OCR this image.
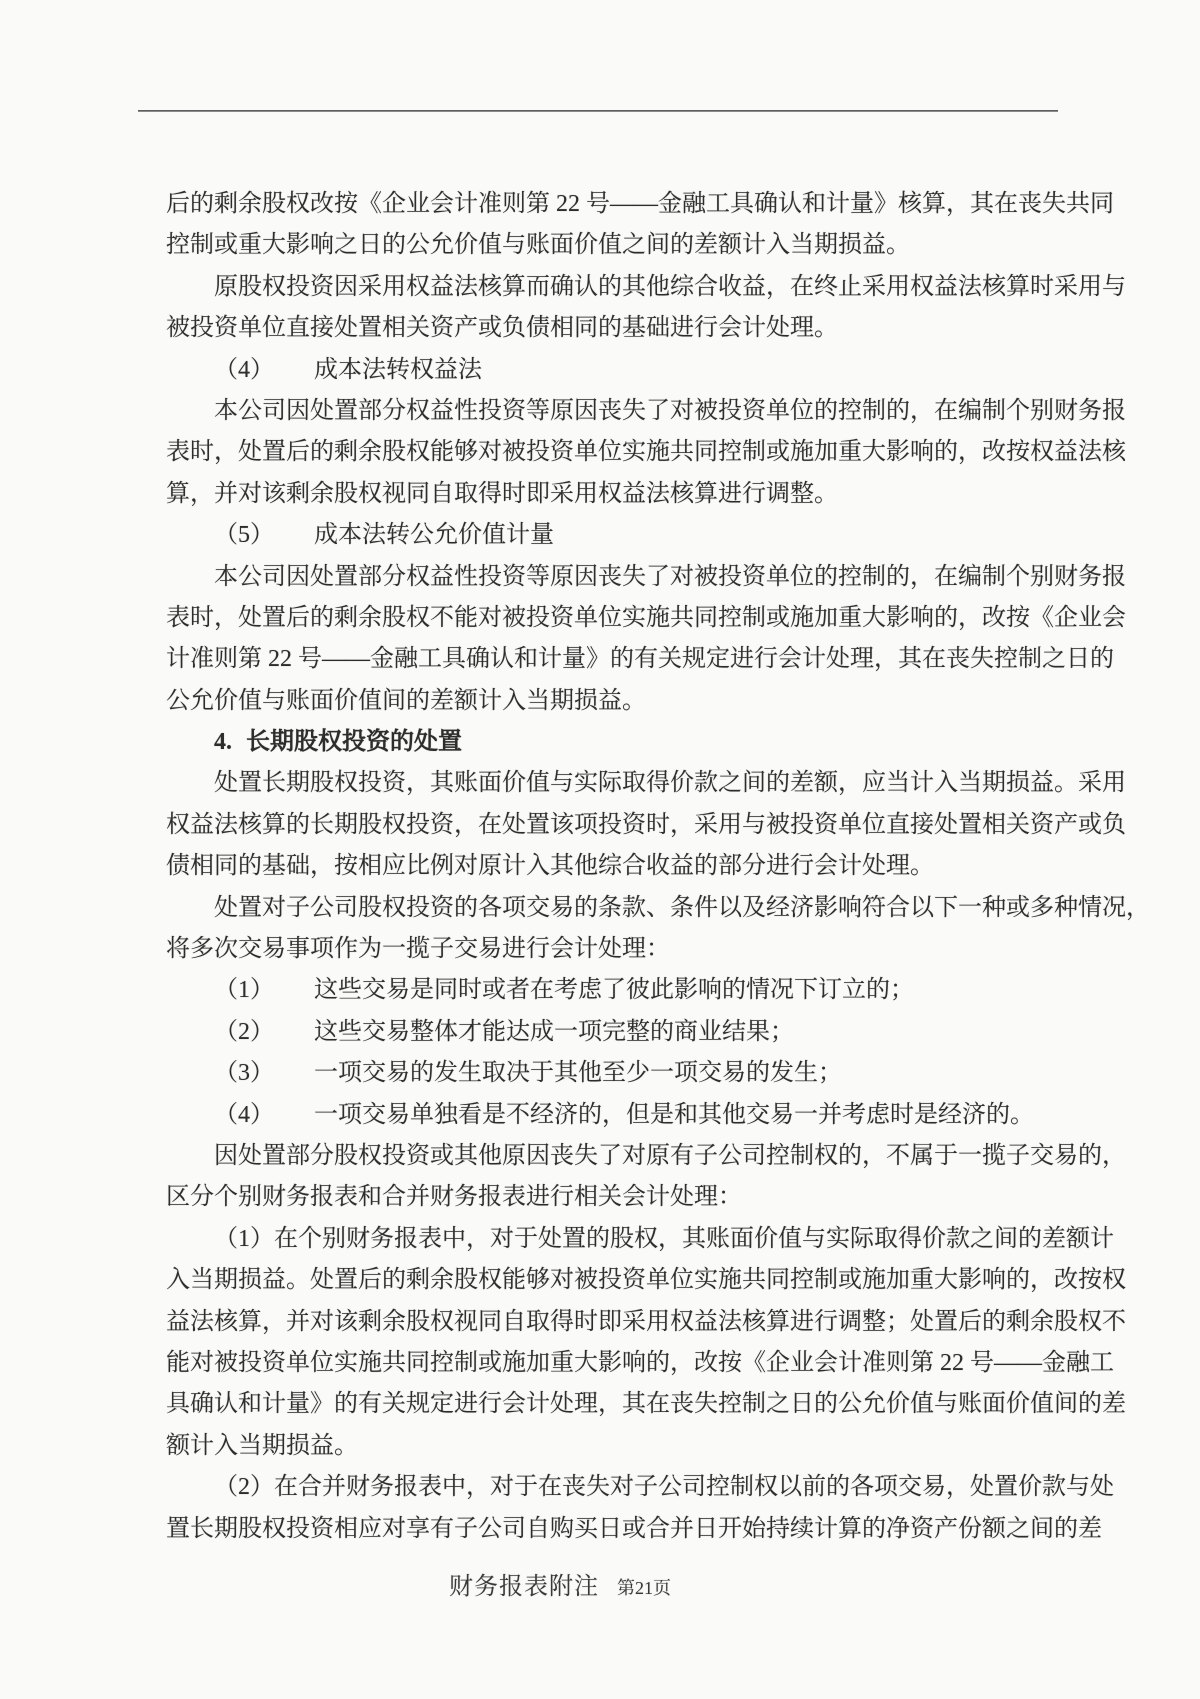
后的剩余股权改按《企业会计准则第 22 号——金融工具确认和计量》核算，其在丧失共同
控制或重大影响之日的公允价值与账面价值之间的差额计入当期损益。
原股权投资因采用权益法核算而确认的其他综合收益，在终止采用权益法核算时采用与
被投资单位直接处置相关资产或负债相同的基础进行会计处理。
（4） 成本法转权益法
本公司因处置部分权益性投资等原因丧失了对被投资单位的控制的，在编制个别财务报
表时，处置后的剩余股权能够对被投资单位实施共同控制或施加重大影响的，改按权益法核
算，并对该剩余股权视同自取得时即采用权益法核算进行调整。
（5） 成本法转公允价值计量
本公司因处置部分权益性投资等原因丧失了对被投资单位的控制的，在编制个别财务报
表时，处置后的剩余股权不能对被投资单位实施共同控制或施加重大影响的，改按《企业会
计准则第 22 号——金融工具确认和计量》的有关规定进行会计处理，其在丧失控制之日的
公允价值与账面价值间的差额计入当期损益。
4. 长期股权投资的处置
处置长期股权投资，其账面价值与实际取得价款之间的差额，应当计入当期损益。采用
权益法核算的长期股权投资，在处置该项投资时，采用与被投资单位直接处置相关资产或负
债相同的基础，按相应比例对原计入其他综合收益的部分进行会计处理。
处置对子公司股权投资的各项交易的条款、条件以及经济影响符合以下一种或多种情况，
将多次交易事项作为一揽子交易进行会计处理：
（1） 这些交易是同时或者在考虑了彼此影响的情况下订立的；
（2） 这些交易整体才能达成一项完整的商业结果；
（3） 一项交易的发生取决于其他至少一项交易的发生；
（4） 一项交易单独看是不经济的，但是和其他交易一并考虑时是经济的。
因处置部分股权投资或其他原因丧失了对原有子公司控制权的，不属于一揽子交易的，
区分个别财务报表和合并财务报表进行相关会计处理：
（1）在个别财务报表中，对于处置的股权，其账面价值与实际取得价款之间的差额计
入当期损益。处置后的剩余股权能够对被投资单位实施共同控制或施加重大影响的，改按权
益法核算，并对该剩余股权视同自取得时即采用权益法核算进行调整；处置后的剩余股权不
能对被投资单位实施共同控制或施加重大影响的，改按《企业会计准则第 22 号——金融工
具确认和计量》的有关规定进行会计处理，其在丧失控制之日的公允价值与账面价值间的差
额计入当期损益。
（2）在合并财务报表中，对于在丧失对子公司控制权以前的各项交易，处置价款与处
置长期股权投资相应对享有子公司自购买日或合并日开始持续计算的净资产份额之间的差
财务报表附注 第21页
